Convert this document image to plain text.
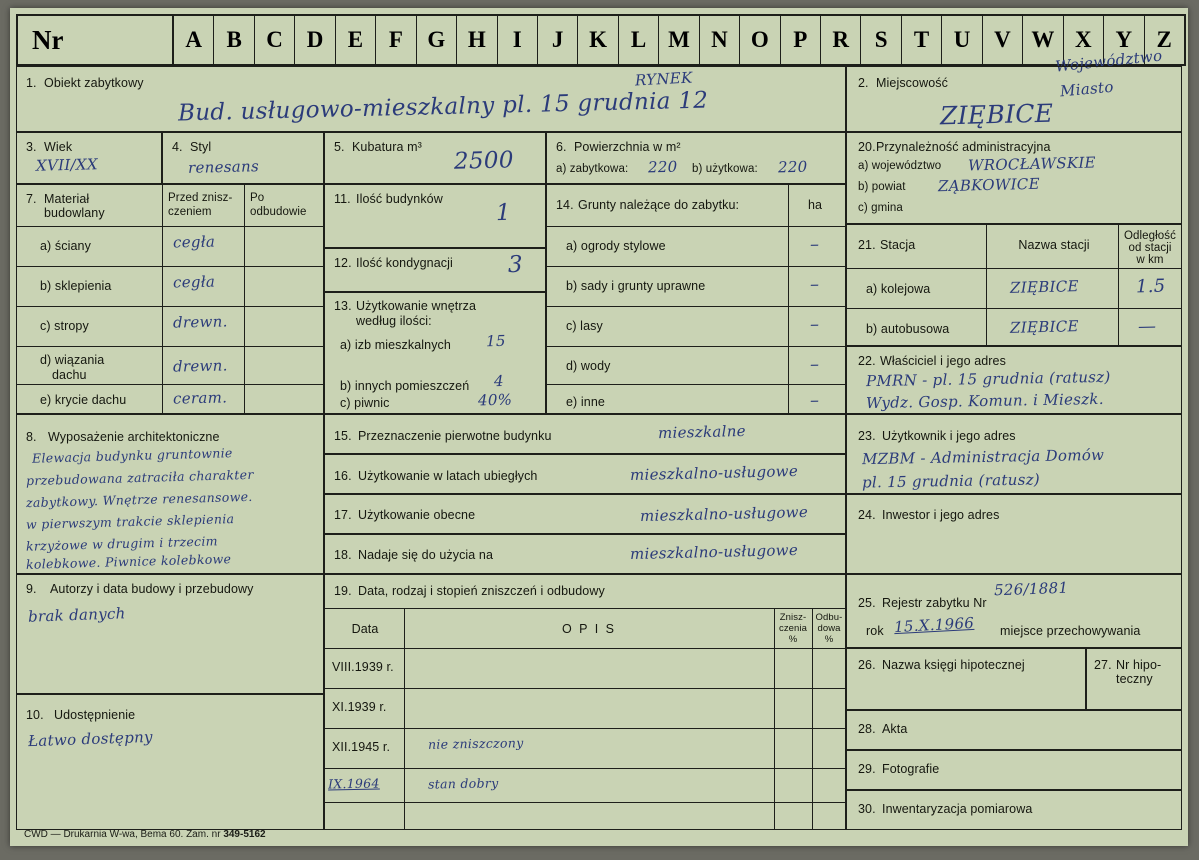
Nr	A	B	C	D	E	F	G H	I	J	K	L M N	O	P	R	S	T	U	V W X	Y	Z
Województwo
1. Obiekt zabytkowy
Bud. usługowo-mieszkalny pl. 15 grudnia 12
RYNEK	2. Miejscowość
ZIĘBICE
Miasto
3. Wiek
XVII/XX
4. Styl
renesans
5. Kubatura m³
2500
6. Powierzchnia w m²
a) zabytkowa: 220 b) użytkowa: 220
20. Przynależność administracyjna
a) województwo WROCŁAWSKIE
b) powiat ZĄBKOWICE
c) gmina
7. Materiał
budowlany
Przed znisz-
czeniem
Po
odbudowie
a) ściany	cegła
b) sklepienia	cegła
c) stropy	drewn.
d) wiązania
dachu	drewn.
e) krycie dachu	ceram.
11. Ilość budynków
1
12. Ilość kondygnacji 3
13. Użytkowanie wnętrza
według ilości:
a) izb mieszkalnych 15
b) innych pomieszczeń 4
c) piwnic	40%
14. Grunty należące do zabytku:	ha
a) ogrody stylowe	–
b) sady i grunty uprawne	–
c) lasy	–
d) wody	–
e) inne	–
21. Stacja	Nazwa stacji
Odległość
od stacji
w km
a) kolejowa	ZIĘBICE	1.5
b) autobusowa	ZIĘBICE	—
22. Właściciel i jego adres
PMRN - pl. 15 grudnia (ratusz)
Wydz. Gosp. Komun. i Mieszk.
8. Wyposażenie architektoniczne
Elewacja budynku gruntownie
przebudowana zatraciła charakter
zabytkowy. Wnętrze renesansowe.
w pierwszym trakcie sklepienia
krzyżowe w drugim i trzecim
kolebkowe. Piwnice kolebkowe
15. Przeznaczenie pierwotne budynku	mieszkalne
16. Użytkowanie w latach ubiegłych	mieszkalno-usługowe
17. Użytkowanie obecne	mieszkalno-usługowe
18. Nadaje się do użycia na	mieszkalno-usługowe
23. Użytkownik i jego adres
MZBM - Administracja Domów
pl. 15 grudnia (ratusz)
24. Inwestor i jego adres
9. Autorzy i data budowy i przebudowy
brak danych
10. Udostępnienie
Łatwo dostępny
19. Data, rodzaj i stopień zniszczeń i odbudowy
Data	O P I S
Znisz-
czenia
%
Odbu-
dowa
%
VIII.1939 r.
XI.1939 r.
XII.1945 r.	nie zniszczony
IX.1964	stan dobry
25. Rejestr zabytku Nr
526/1881
rok 15.X.1966 miejsce przechowywania
26. Nazwa księgi hipotecznej	27. Nr hipo-
teczny
28. Akta
29. Fotografie
30. Inwentaryzacja pomiarowa
CWD — Drukarnia W-wa, Bema 60. Zam. nr 349-5162
